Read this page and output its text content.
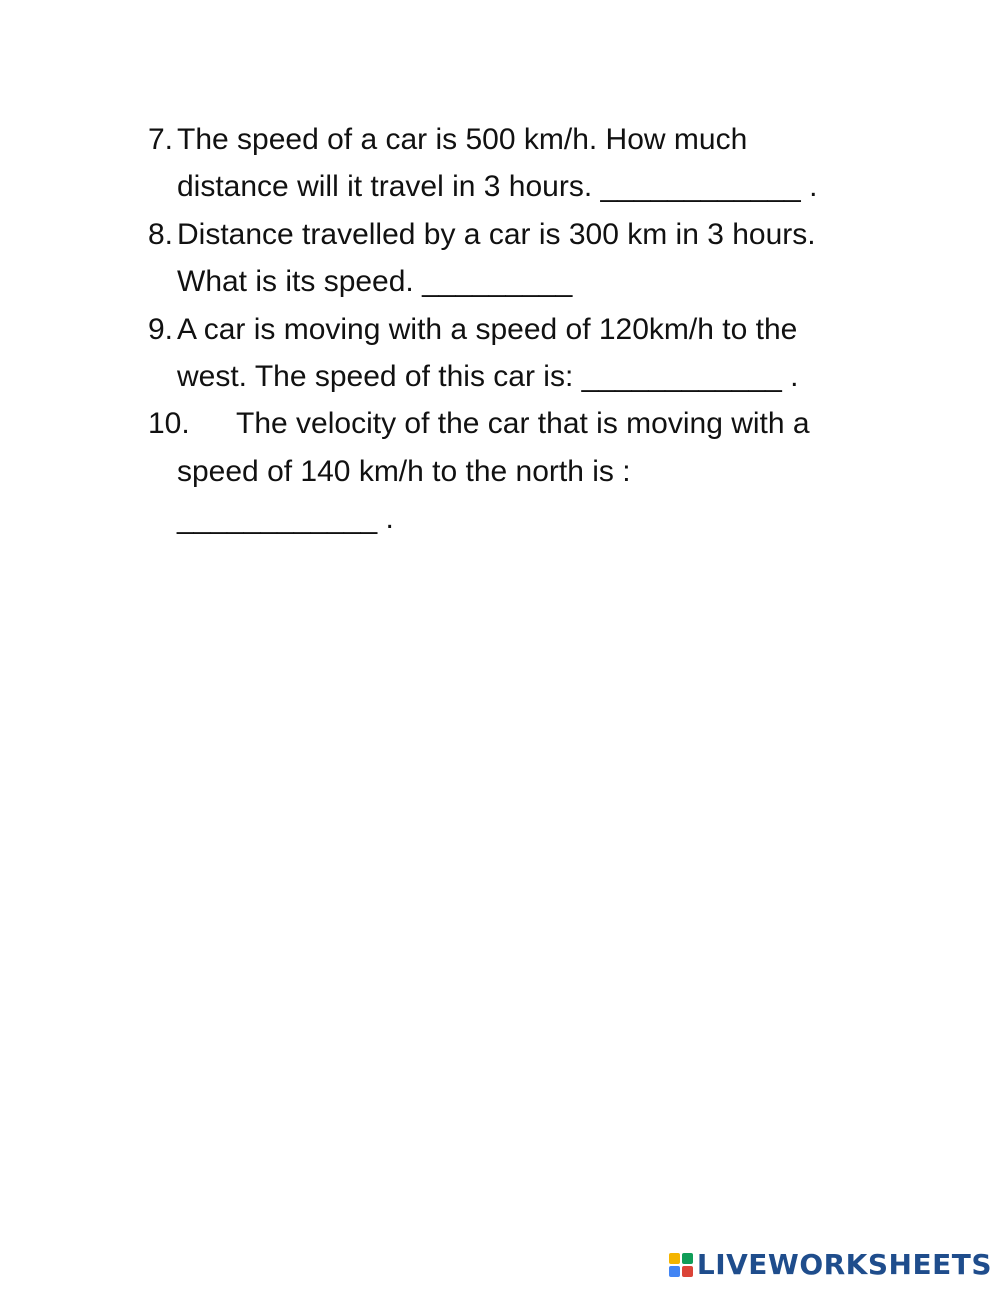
7. The speed of a car is 500 km/h. How much
distance will it travel in 3 hours. ____________ .
8. Distance travelled by a car is 300 km in 3 hours.
What is its speed. _________
9. A car is moving with a speed of 120km/h to the
west. The speed of this car is: ____________ .
10.	The velocity of the car that is moving with a
speed of 140 km/h to the north is :
____________ .
LIVEWORKSHEETS
